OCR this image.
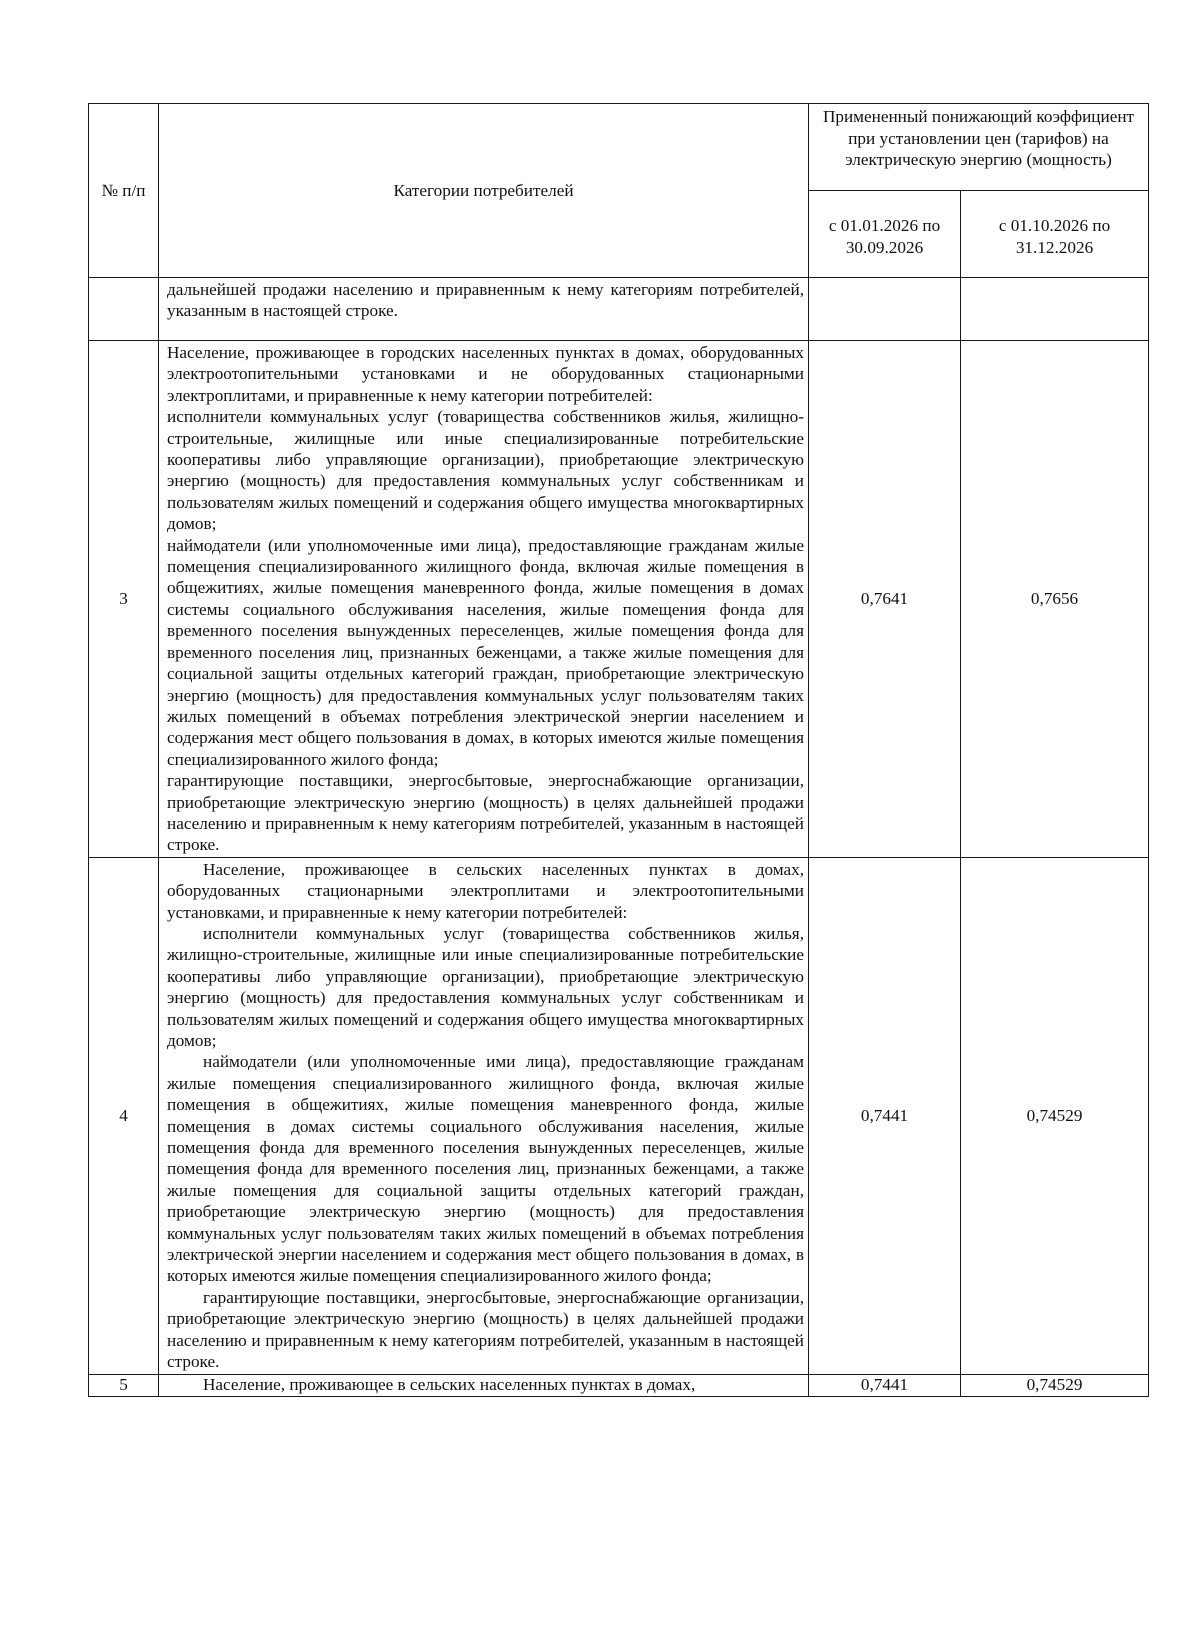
№ п/п	Категории потребителей	Примененный понижающий коэффициент при установлении цен (тарифов) на электрическую энергию (мощность)	
		с 01.01.2026 по 30.09.2026	с 01.10.2026 по 31.12.2026

	дальнейшей продажи населению и приравненным к нему категориям потребителей, указанным в настоящей строке.		

3	Население, проживающее в городских населенных пунктах в домах, оборудованных электроотопительными установками и не оборудованных стационарными электроплитами, и приравненные к нему категории потребителей:

исполнители коммунальных услуг (товарищества собственников жилья, жилищно-строительные, жилищные или иные специализированные потребительские кооперативы либо управляющие организации), приобретающие электрическую энергию (мощность) для предоставления коммунальных услуг собственникам и пользователям жилых помещений и содержания общего имущества многоквартирных домов;

наймодатели (или уполномоченные ими лица), предоставляющие гражданам жилые помещения специализированного жилищного фонда, включая жилые помещения в общежитиях, жилые помещения маневренного фонда, жилые помещения в домах системы социального обслуживания населения, жилые помещения фонда для временного поселения вынужденных переселенцев, жилые помещения фонда для временного поселения лиц, признанных беженцами, а также жилые помещения для социальной защиты отдельных категорий граждан, приобретающие электрическую энергию (мощность) для предоставления коммунальных услуг пользователям таких жилых помещений в объемах потребления электрической энергии населением и содержания мест общего пользования в домах, в которых имеются жилые помещения специализированного жилого фонда;

гарантирующие поставщики, энергосбытовые, энергоснабжающие организации, приобретающие электрическую энергию (мощность) в целях дальнейшей продажи населению и приравненным к нему категориям потребителей, указанным в настоящей строке.	0,7641	0,7656
4	Население, проживающее в сельских населенных пунктах в домах, оборудованных стационарными электроплитами и электроотопительными установками, и приравненные к нему категории потребителей:

исполнители коммунальных услуг (товарищества собственников жилья, жилищно-строительные, жилищные или иные специализированные потребительские кооперативы либо управляющие организации), приобретающие электрическую энергию (мощность) для предоставления коммунальных услуг собственникам и пользователям жилых помещений и содержания общего имущества многоквартирных домов;

наймодатели (или уполномоченные ими лица), предоставляющие гражданам жилые помещения специализированного жилищного фонда, включая жилые помещения в общежитиях, жилые помещения маневренного фонда, жилые помещения в домах системы социального обслуживания населения, жилые помещения фонда для временного поселения вынужденных переселенцев, жилые помещения фонда для временного поселения лиц, признанных беженцами, а также жилые помещения для социальной защиты отдельных категорий граждан, приобретающие электрическую энергию (мощность) для предоставления коммунальных услуг пользователям таких жилых помещений в объемах потребления электрической энергии населением и содержания мест общего пользования в домах, в которых имеются жилые помещения специализированного жилого фонда;

гарантирующие поставщики, энергосбытовые, энергоснабжающие организации, приобретающие электрическую энергию (мощность) в целях дальнейшей продажи населению и приравненным к нему категориям потребителей, указанным в настоящей строке.	0,7441	0,74529
5	Население, проживающее в сельских населенных пунктах в домах,	0,7441	0,74529
